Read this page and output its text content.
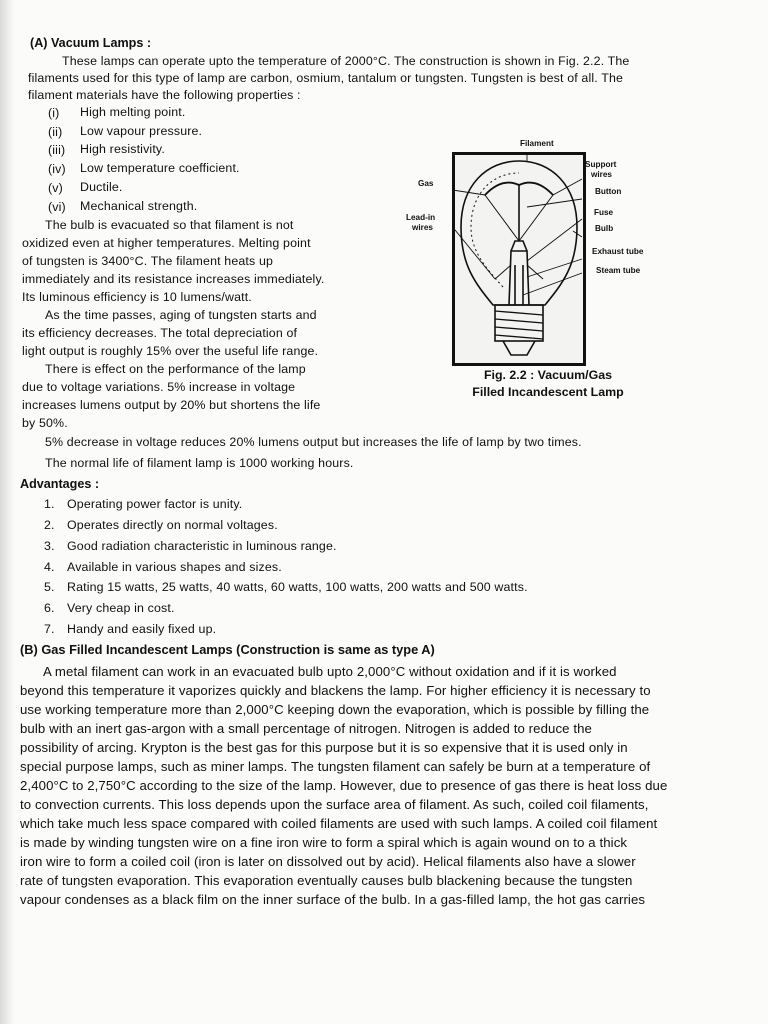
(A) Vacuum Lamps :
These lamps can operate upto the temperature of 2000°C. The construction is shown in Fig. 2.2. The
filaments used for this type of lamp are carbon, osmium, tantalum or tungsten. Tungsten is best of all. The
filament materials have the following properties :
(i) High melting point.
(ii) Low vapour pressure.
(iii) High resistivity.
(iv) Low temperature coefficient.
(v) Ductile.
(vi) Mechanical strength.
The bulb is evacuated so that filament is not
oxidized even at higher temperatures. Melting point
of tungsten is 3400°C. The filament heats up
immediately and its resistance increases immediately.
Its luminous efficiency is 10 lumens/watt.
As the time passes, aging of tungsten starts and
its efficiency decreases. The total depreciation of
light output is roughly 15% over the useful life range.
There is effect on the performance of the lamp
due to voltage variations. 5% increase in voltage
increases lumens output by 20% but shortens the life
by 50%.
Filament
Support
wires
Gas
Button
Fuse
Lead-in
wires	Bulb
Exhaust tube
Steam tube
Fig. 2.2 : Vacuum/Gas
Filled Incandescent Lamp
5% decrease in voltage reduces 20% lumens output but increases the life of lamp by two times.
The normal life of filament lamp is 1000 working hours.
Advantages :
1. Operating power factor is unity.
2. Operates directly on normal voltages.
3. Good radiation characteristic in luminous range.
4. Available in various shapes and sizes.
5. Rating 15 watts, 25 watts, 40 watts, 60 watts, 100 watts, 200 watts and 500 watts.
6. Very cheap in cost.
7. Handy and easily fixed up.
(B) Gas Filled Incandescent Lamps (Construction is same as type A)
A metal filament can work in an evacuated bulb upto 2,000°C without oxidation and if it is worked
beyond this temperature it vaporizes quickly and blackens the lamp. For higher efficiency it is necessary to
use working temperature more than 2,000°C keeping down the evaporation, which is possible by filling the
bulb with an inert gas-argon with a small percentage of nitrogen. Nitrogen is added to reduce the
possibility of arcing. Krypton is the best gas for this purpose but it is so expensive that it is used only in
special purpose lamps, such as miner lamps. The tungsten filament can safely be burn at a temperature of
2,400°C to 2,750°C according to the size of the lamp. However, due to presence of gas there is heat loss due
to convection currents. This loss depends upon the surface area of filament. As such, coiled coil filaments,
which take much less space compared with coiled filaments are used with such lamps. A coiled coil filament
is made by winding tungsten wire on a fine iron wire to form a spiral which is again wound on to a thick
iron wire to form a coiled coil (iron is later on dissolved out by acid). Helical filaments also have a slower
rate of tungsten evaporation. This evaporation eventually causes bulb blackening because the tungsten
vapour condenses as a black film on the inner surface of the bulb. In a gas-filled lamp, the hot gas carries
